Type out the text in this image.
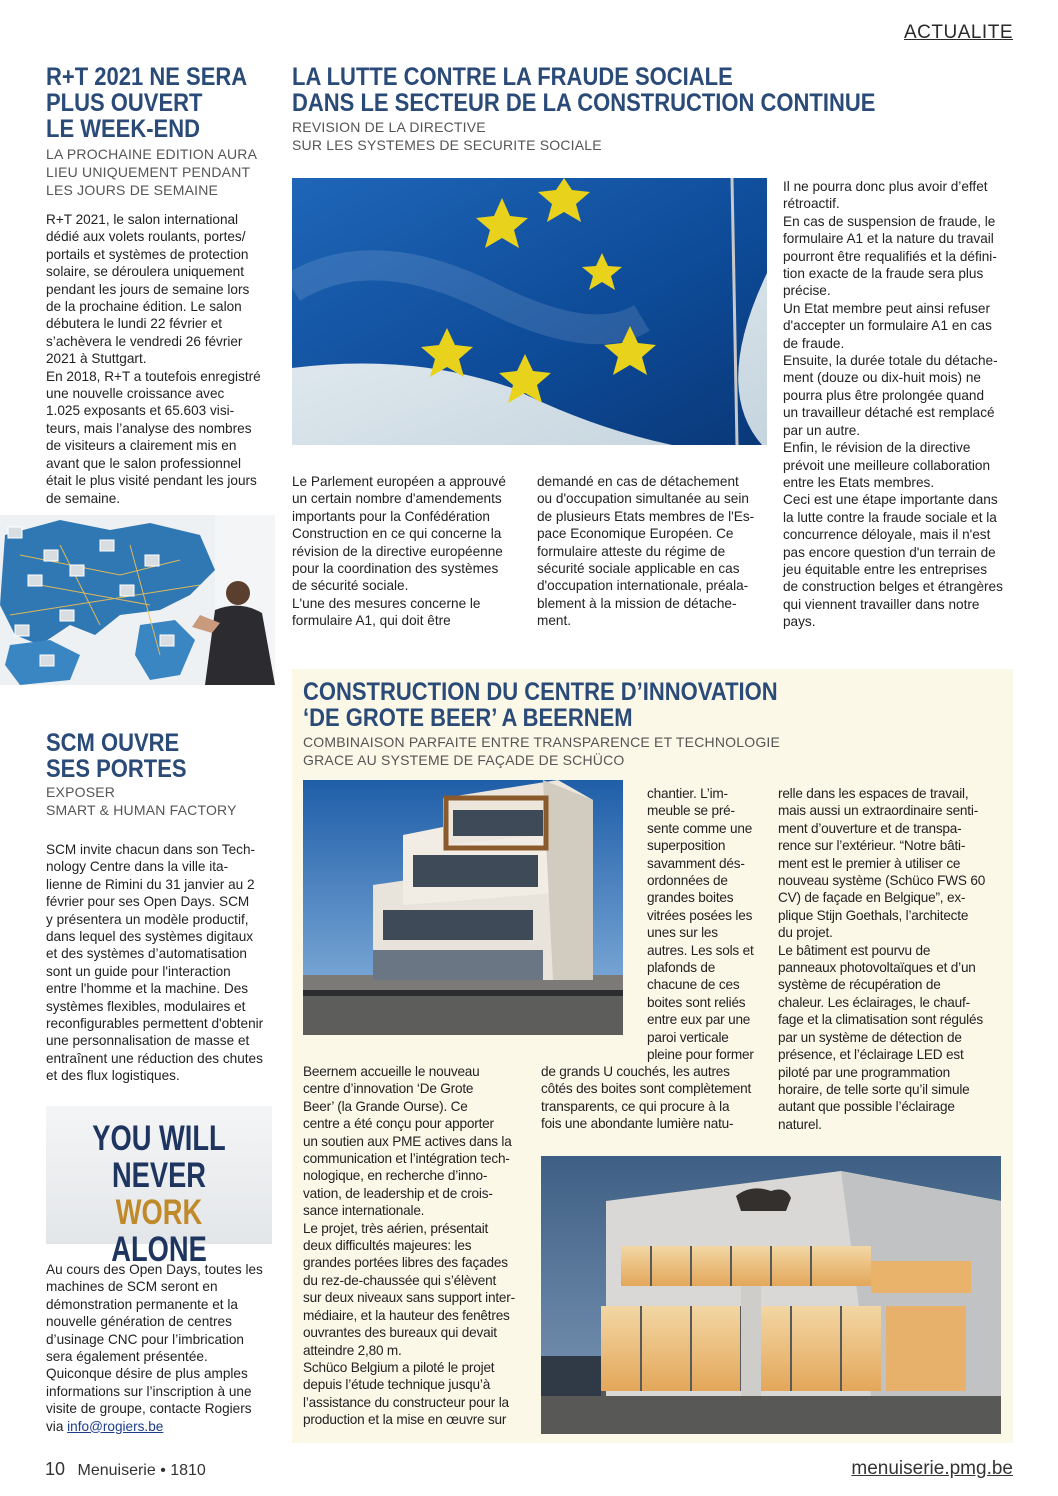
ACTUALITE
R+T 2021 NE SERA
PLUS OUVERT
LE WEEK-END
LA PROCHAINE EDITION AURA
LIEU UNIQUEMENT PENDANT
LES JOURS DE SEMAINE
R+T 2021, le salon international
dédié aux volets roulants, portes/
portails et systèmes de protection
solaire, se déroulera uniquement
pendant les jours de semaine lors
de la prochaine édition. Le salon
débutera le lundi 22 février et
s’achèvera le vendredi 26 février
2021 à Stuttgart.
En 2018, R+T a toutefois enregistré
une nouvelle croissance avec
1.025 exposants et 65.603 visi-
teurs, mais l’analyse des nombres
de visiteurs a clairement mis en
avant que le salon professionnel
était le plus visité pendant les jours
de semaine.
LA LUTTE CONTRE LA FRAUDE SOCIALE
DANS LE SECTEUR DE LA CONSTRUCTION CONTINUE
REVISION DE LA DIRECTIVE
SUR LES SYSTEMES DE SECURITE SOCIALE
Le Parlement européen a approuvé
un certain nombre d'amendements
importants pour la Confédération
Construction en ce qui concerne la
révision de la directive européenne
pour la coordination des systèmes
de sécurité sociale.
L'une des mesures concerne le
formulaire A1, qui doit être
demandé en cas de détachement
ou d'occupation simultanée au sein
de plusieurs Etats membres de l'Es-
pace Economique Européen. Ce
formulaire atteste du régime de
sécurité sociale applicable en cas
d'occupation internationale, préala-
blement à la mission de détache-
ment.
Il ne pourra donc plus avoir d’effet
rétroactif.
En cas de suspension de fraude, le
formulaire A1 et la nature du travail
pourront être requalifiés et la défini-
tion exacte de la fraude sera plus
précise.
Un Etat membre peut ainsi refuser
d'accepter un formulaire A1 en cas
de fraude.
Ensuite, la durée totale du détache-
ment (douze ou dix-huit mois) ne
pourra plus être prolongée quand
un travailleur détaché est remplacé
par un autre.
Enfin, le révision de la directive
prévoit une meilleure collaboration
entre les Etats membres.
Ceci est une étape importante dans
la lutte contre la fraude sociale et la
concurrence déloyale, mais il n'est
pas encore question d'un terrain de
jeu équitable entre les entreprises
de construction belges et étrangères
qui viennent travailler dans notre
pays.
SCM OUVRE
SES PORTES
EXPOSER
SMART & HUMAN FACTORY
SCM invite chacun dans son Tech-
nology Centre dans la ville ita-
lienne de Rimini du 31 janvier au 2
février pour ses Open Days. SCM
y présentera un modèle productif,
dans lequel des systèmes digitaux
et des systèmes d’automatisation
sont un guide pour l'interaction
entre l'homme et la machine. Des
systèmes flexibles, modulaires et
reconfigurables permettent d'obtenir
une personnalisation de masse et
entraînent une réduction des chutes
et des flux logistiques.
YOU WILL
NEVER WORK
ALONE
Au cours des Open Days, toutes les
machines de SCM seront en
démonstration permanente et la
nouvelle génération de centres
d’usinage CNC pour l’imbrication
sera également présentée.
Quiconque désire de plus amples
informations sur l’inscription à une
visite de groupe, contacte Rogiers
via info@rogiers.be
CONSTRUCTION DU CENTRE D’INNOVATION
‘DE GROTE BEER’ A BEERNEM
COMBINAISON PARFAITE ENTRE TRANSPARENCE ET TECHNOLOGIE
GRACE AU SYSTEME DE FAÇADE DE SCHÜCO
chantier. L’im-
meuble se pré-
sente comme une
superposition
savamment dés-
ordonnées de
grandes boites
vitrées posées les
unes sur les
autres. Les sols et
plafonds de
chacune de ces
boites sont reliés
entre eux par une
paroi verticale
pleine pour former
de grands U couchés, les autres
côtés des boites sont complètement
transparents, ce qui procure à la
fois une abondante lumière natu-
relle dans les espaces de travail,
mais aussi un extraordinaire senti-
ment d’ouverture et de transpa-
rence sur l’extérieur. “Notre bâti-
ment est le premier à utiliser ce
nouveau système (Schüco FWS 60
CV) de façade en Belgique”, ex-
plique Stijn Goethals, l’architecte
du projet.
Le bâtiment est pourvu de
panneaux photovoltaïques et d’un
système de récupération de
chaleur. Les éclairages, le chauf-
fage et la climatisation sont régulés
par un système de détection de
présence, et l’éclairage LED est
piloté par une programmation
horaire, de telle sorte qu’il simule
autant que possible l’éclairage
naturel.
Beernem accueille le nouveau
centre d’innovation ‘De Grote
Beer’ (la Grande Ourse). Ce
centre a été conçu pour apporter
un soutien aux PME actives dans la
communication et l’intégration tech-
nologique, en recherche d’inno-
vation, de leadership et de crois-
sance internationale.
Le projet, très aérien, présentait
deux difficultés majeures: les
grandes portées libres des façades
du rez-de-chaussée qui s’élèvent
sur deux niveaux sans support inter-
médiaire, et la hauteur des fenêtres
ouvrantes des bureaux qui devait
atteindre 2,80 m.
Schüco Belgium a piloté le projet
depuis l’étude technique jusqu’à
l’assistance du constructeur pour la
production et la mise en œuvre sur
10 Menuiserie • 1810	menuiserie.pmg.be
